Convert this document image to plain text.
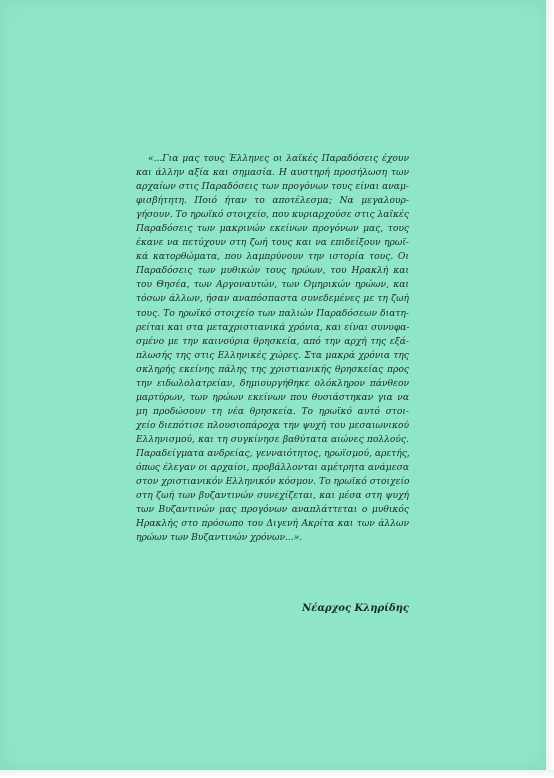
«...Για μας τους Έλληνες οι λαϊκές Παραδόσεις έχουν
και άλλην αξία και σημασία. Η αυστηρή προσήλωση των
αρχαίων στις Παραδόσεις των προγόνων τους είναι αναμ-
φισβήτητη. Ποιό ήταν το αποτέλεσμα; Να μεγαλουρ-
γήσουν. Το ηρωϊκό στοιχείο, που κυριαρχούσε στις λαϊκές
Παραδόσεις των μακρινών εκείνων προγόνων μας, τους
έκανε να πετύχουν στη ζωή τους και να επιδείξουν ηρωϊ-
κά κατορθώματα, που λαμπρύνουν την ιστορία τους. Οι
Παραδόσεις των μυθικών τους ηρώων, του Ηρακλή και
του Θησέα, των Αργοναυτών, των Ομηρικών ηρώων, και
τόσων άλλων, ήσαν αναπόσπαστα συνεδεμένες με τη ζωή
τους. Το ηρωϊκό στοιχείο των παλιών Παραδόσεων διατη-
ρείται και στα μεταχριστιανικά χρόνια, και είναι συνυφα-
σμένο με την καινούρια θρησκεία, από την αρχή της εξά-
πλωσής της στις Ελληνικές χώρες. Στα μακρά χρόνια της
σκληρής εκείνης πάλης της χριστιανικής θρησκείας προς
την ειδωλολατρείαν, δημιουργήθηκε ολόκληρον πάνθεον
μαρτύρων, των ηρώων εκείνων που θυσιάστηκαν για να
μη προδώσουν τη νέα θρησκεία. Το ηρωϊκό αυτό στοι-
χείο διεπότισε πλουσιοπάροχα την ψυχή του μεσαιωνικού
Ελληνισμού, και τη συγκίνησε βαθύτατα αιώνες πολλούς.
Παραδείγματα ανδρείας, γενναιότητος, ηρωϊσμού, αρετής,
όπως έλεγαν οι αρχαίοι, προβάλλονται αμέτρητα ανάμεσα
στον χριστιανικόν Ελληνικόν κόσμον. Το ηρωϊκό στοιχείο
στη ζωή των βυζαντινών συνεχίζεται, και μέσα στη ψυχή
των Βυζαντινών μας προγόνων αναπλάττεται ο μυθικός
Ηρακλής στο πρόσωπο του Διγενή Ακρίτα και των άλλων
ηρώων των Βυζαντινών χρόνων...».
Νέαρχος Κληρίδης
